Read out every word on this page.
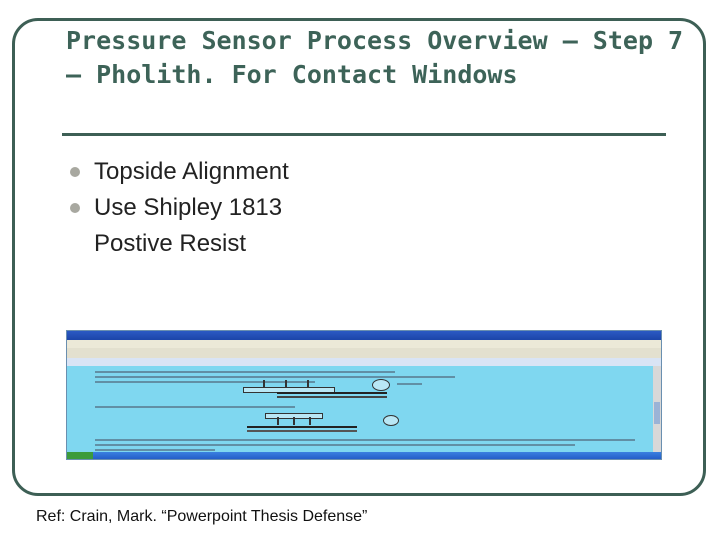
Pressure Sensor Process Overview – Step 7 – Pholith. For Contact Windows
Topside Alignment
Use Shipley 1813 Postive Resist
Ref: Crain, Mark. “Powerpoint Thesis Defense”
